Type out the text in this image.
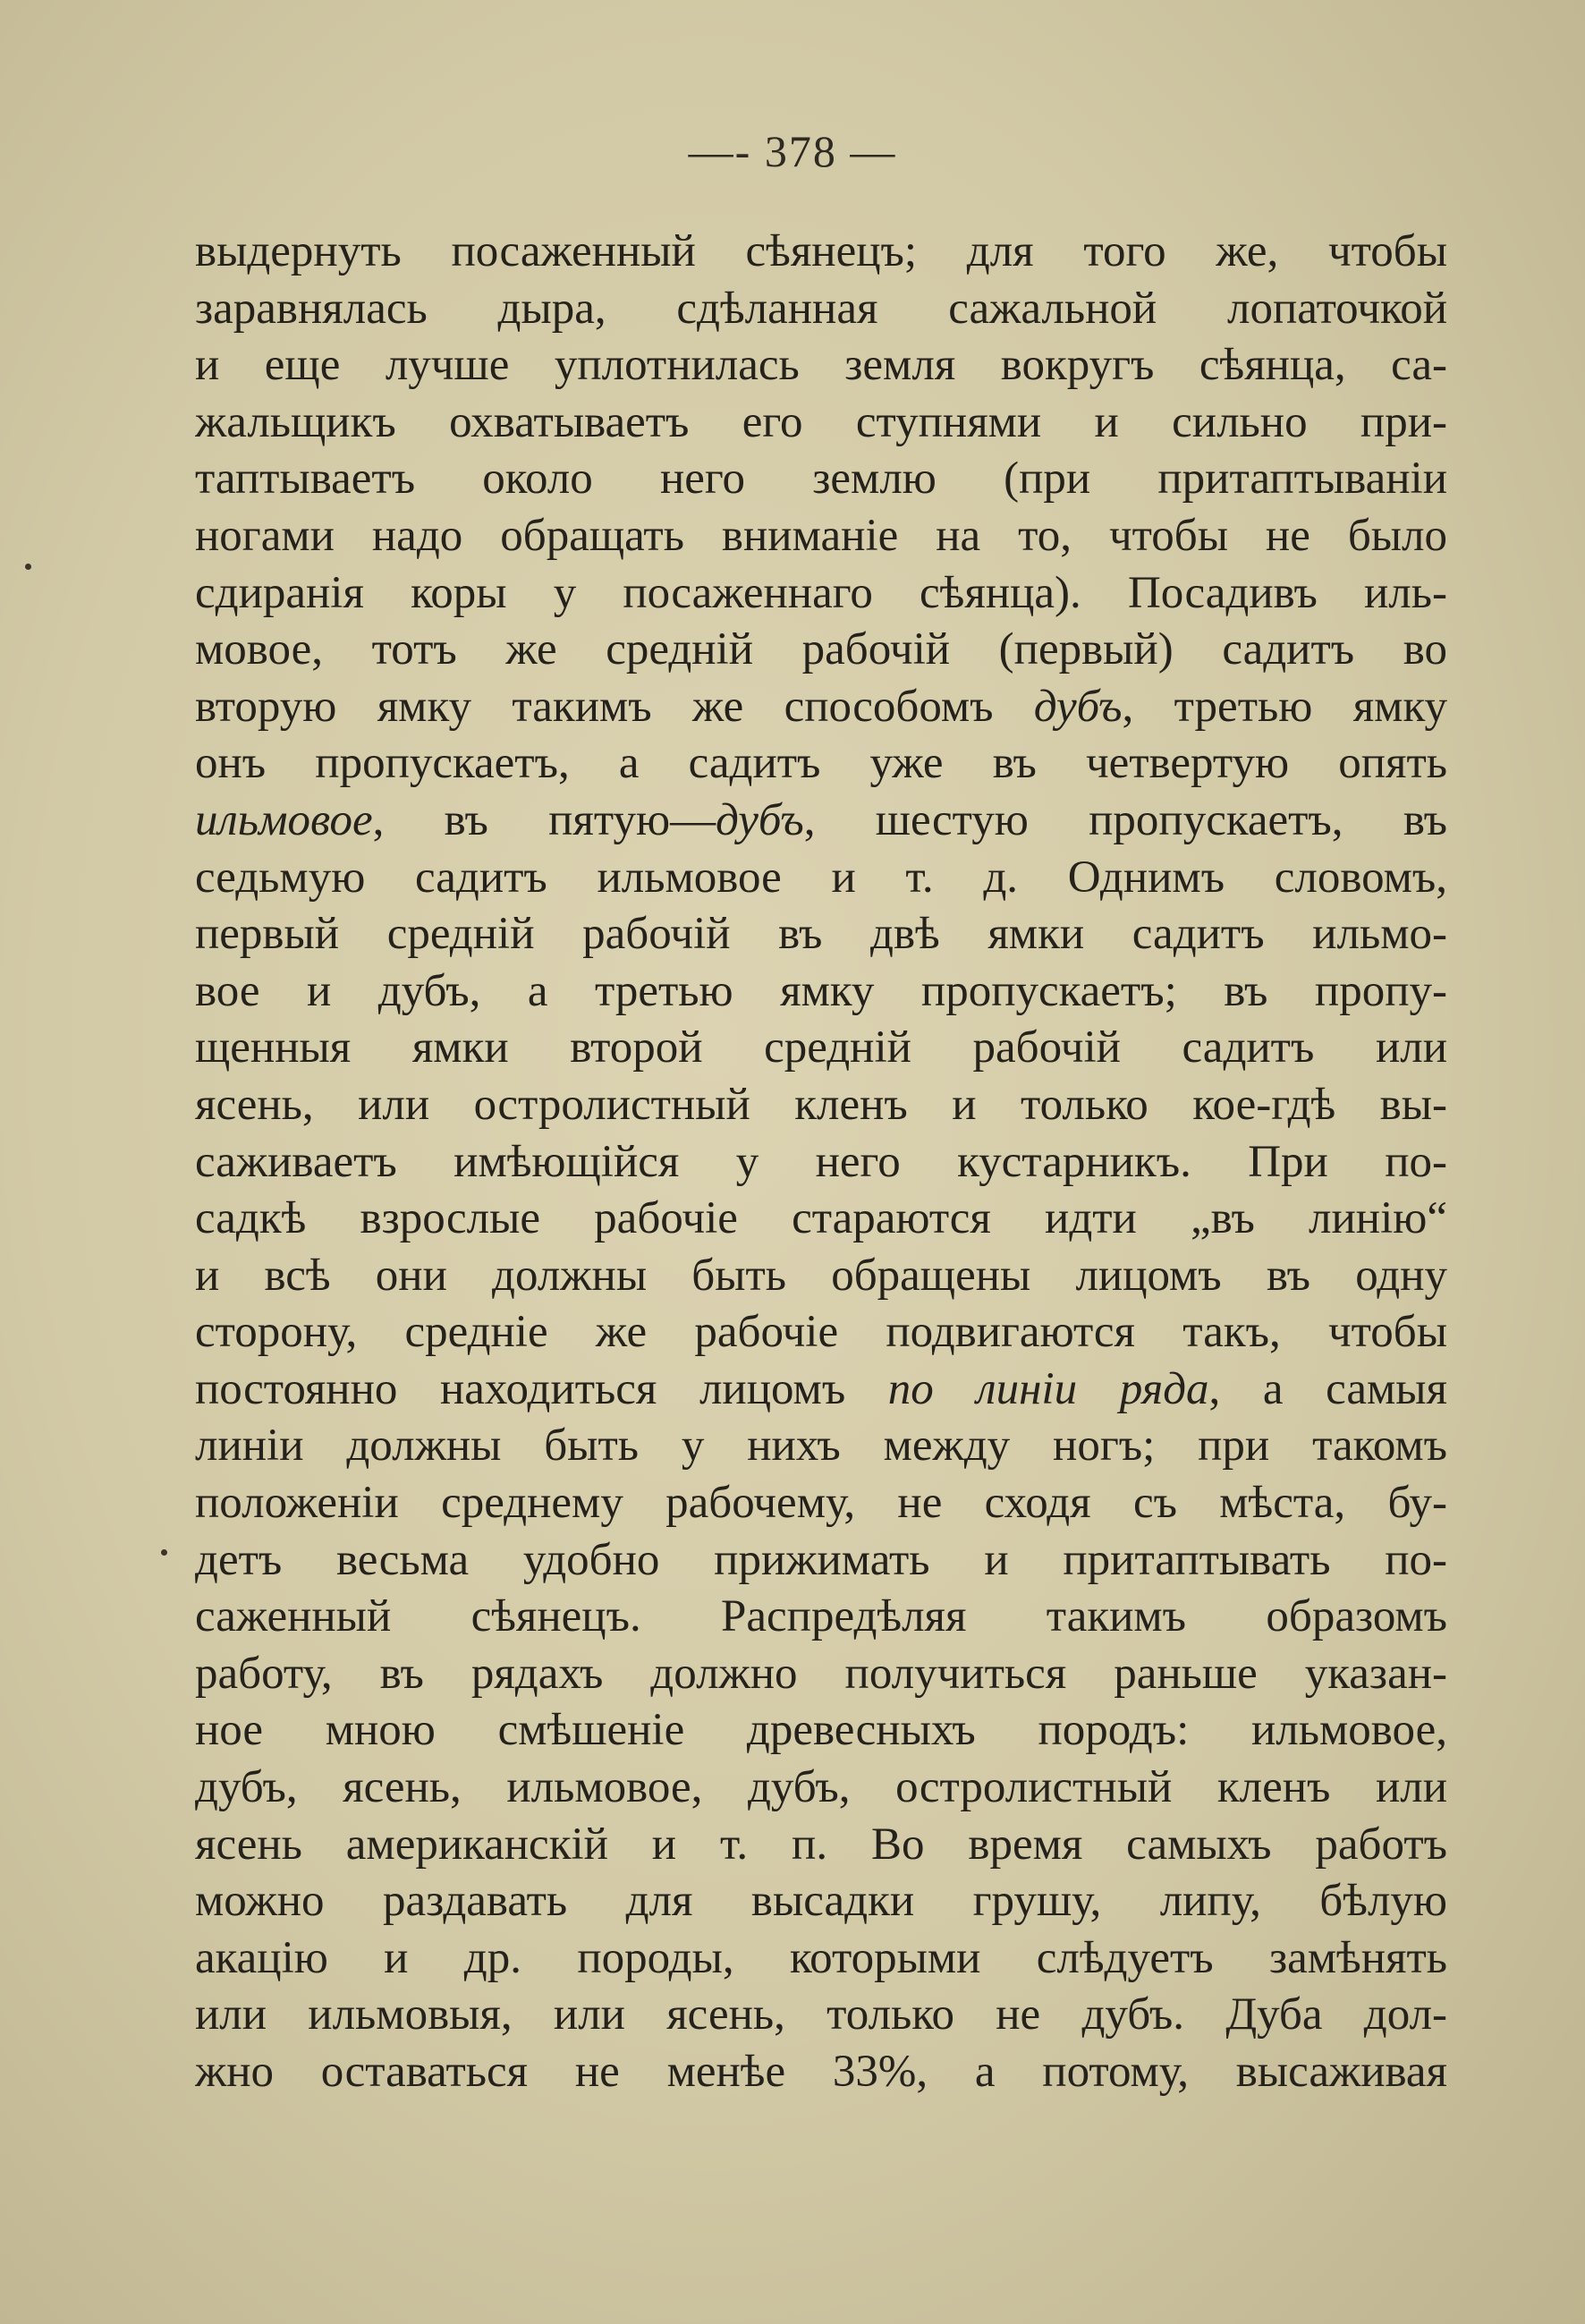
—- 378 —
выдернуть посаженный сѣянецъ; для того же, чтобы
заравнялась дыра, сдѣланная сажальной лопаточкой
и еще лучше уплотнилась земля вокругъ сѣянца, са-
жальщикъ охватываетъ его ступнями и сильно при-
таптываетъ около него землю (при притаптываніи
ногами надо обращать вниманіе на то, чтобы не было
сдиранія коры у посаженнаго сѣянца). Посадивъ иль-
мовое, тотъ же средній рабочій (первый) садитъ во
вторую ямку такимъ же способомъ дубъ, третью ямку
онъ пропускаетъ, а садитъ уже въ четвертую опять
ильмовое, въ пятую—дубъ, шестую пропускаетъ, въ
седьмую садитъ ильмовое и т. д. Однимъ словомъ,
первый средній рабочій въ двѣ ямки садитъ ильмо-
вое и дубъ, а третью ямку пропускаетъ; въ пропу-
щенныя ямки второй средній рабочій садитъ или
ясень, или остролистный кленъ и только кое-гдѣ вы-
саживаетъ имѣющійся у него кустарникъ. При по-
садкѣ взрослые рабочіе стараются идти „въ линію“
и всѣ они должны быть обращены лицомъ въ одну
сторону, средніе же рабочіе подвигаются такъ, чтобы
постоянно находиться лицомъ по линіи ряда, а самыя
линіи должны быть у нихъ между ногъ; при такомъ
положеніи среднему рабочему, не сходя съ мѣста, бу-
детъ весьма удобно прижимать и притаптывать по-
саженный сѣянецъ. Распредѣляя такимъ образомъ
работу, въ рядахъ должно получиться раньше указан-
ное мною смѣшеніе древесныхъ породъ: ильмовое,
дубъ, ясень, ильмовое, дубъ, остролистный кленъ или
ясень американскій и т. п. Во время самыхъ работъ
можно раздавать для высадки грушу, липу, бѣлую
акацію и др. породы, которыми слѣдуетъ замѣнять
или ильмовыя, или ясень, только не дубъ. Дуба дол-
жно оставаться не менѣе 33%, а потому, высаживая
